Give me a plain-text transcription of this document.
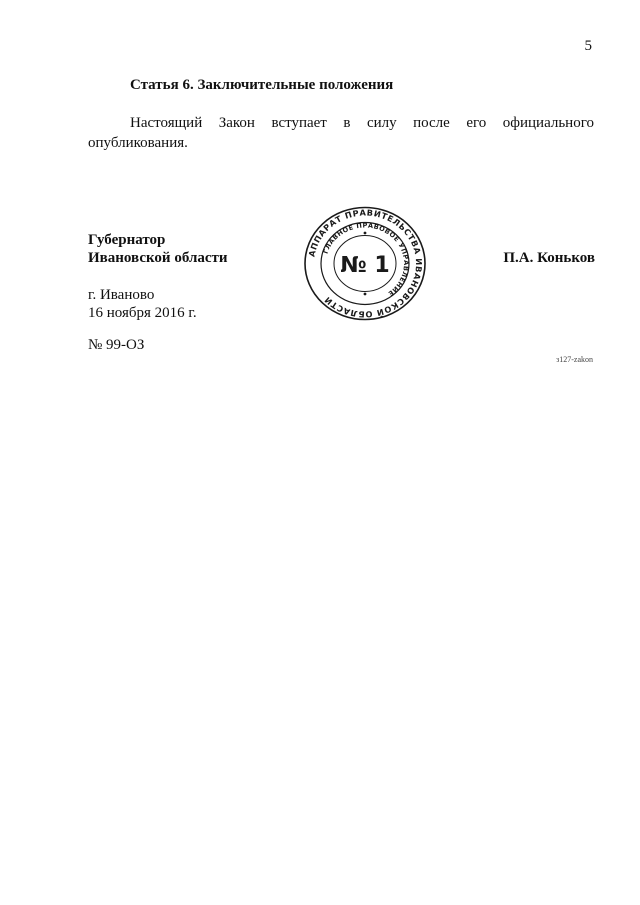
5
Статья 6. Заключительные положения
Настоящий Закон вступает в силу после его официального опубликования.
Губернатор
Ивановской области	П.А. Коньков
АППАРАТ ПРАВИТЕЛЬСТВА ИВАНОВСКОЙ ОБЛАСТИ
ГЛАВНОЕ ПРАВОВОЕ УПРАВЛЕНИЕ
№ 1
г. Иваново
16 ноября 2016 г.
№ 99-ОЗ
з127-zakon
